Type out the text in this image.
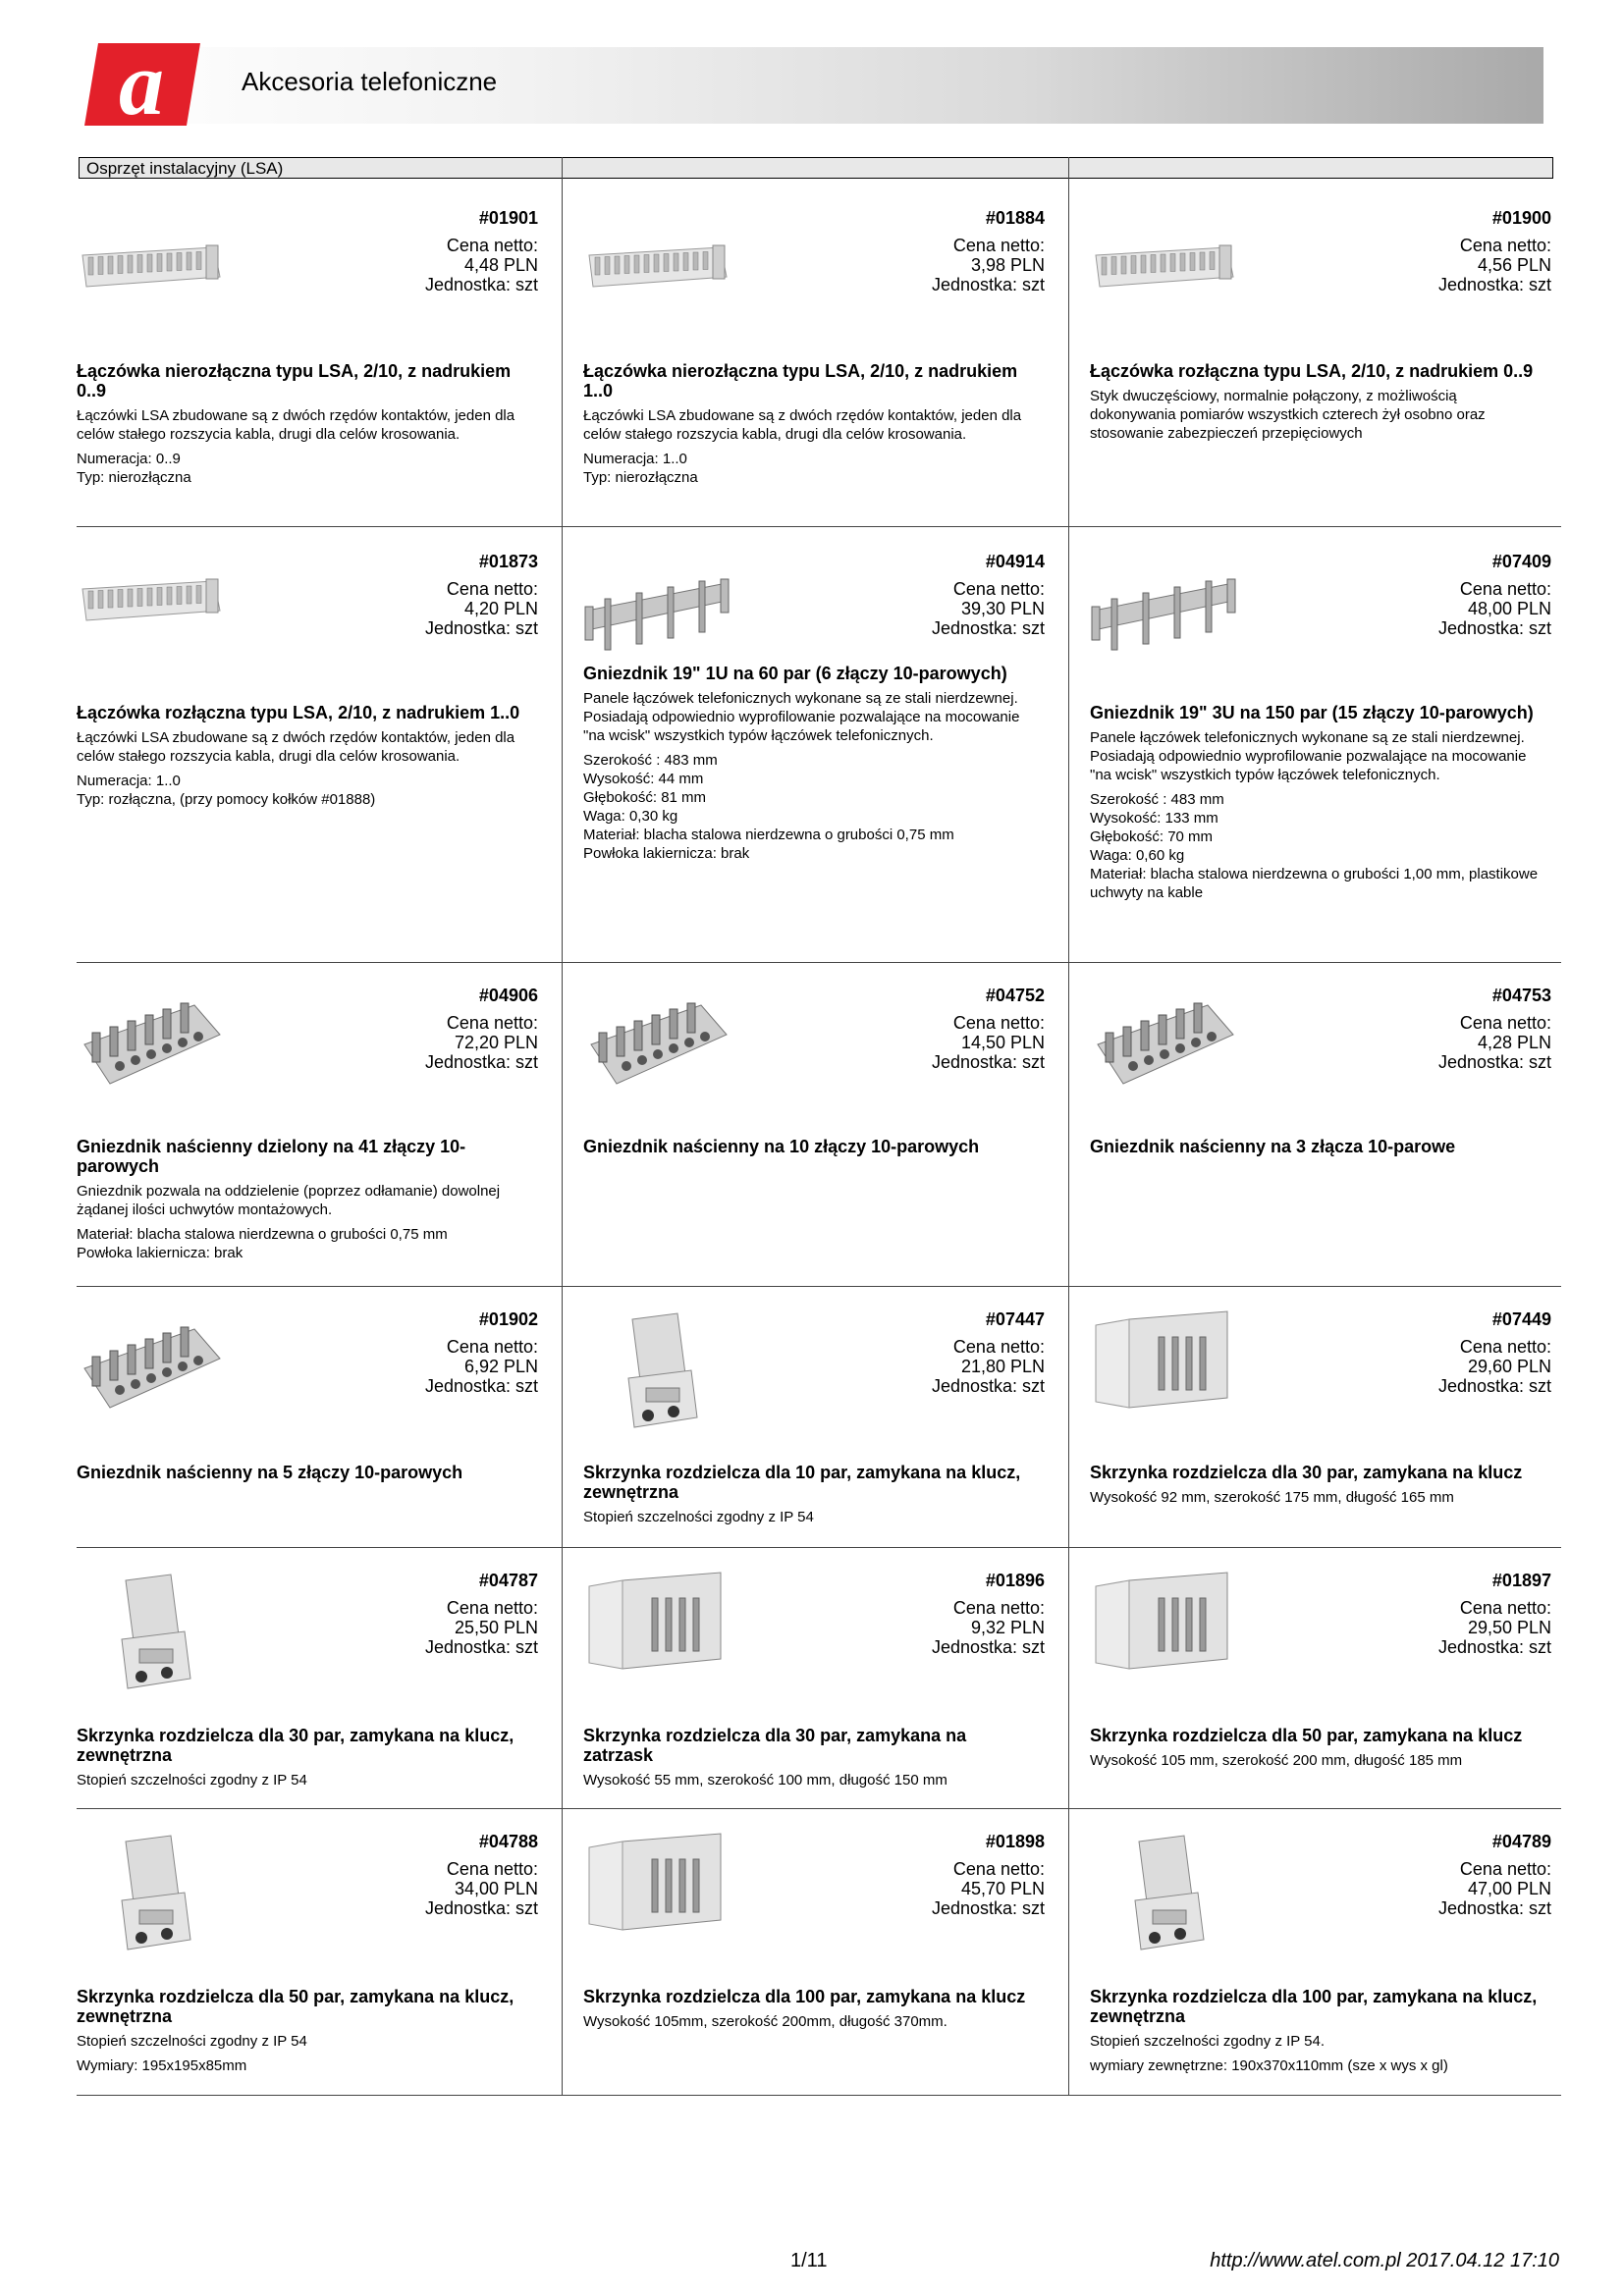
a	Akcesoria telefoniczne
Osprzęt instalacyjny (LSA)
#01901
Cena netto:
4,48 PLN
Jednostka: szt
Łączówka nierozłączna typu LSA, 2/10, z nadrukiem 0..9

Łączówki LSA zbudowane są z dwóch rzędów kontaktów, jeden dla celów stałego rozszycia kabla, drugi dla celów krosowania.

Numeracja: 0..9
Typ: nierozłączna

#01884
Cena netto:
3,98 PLN
Jednostka: szt
Łączówka nierozłączna typu LSA, 2/10, z nadrukiem 1..0

Łączówki LSA zbudowane są z dwóch rzędów kontaktów, jeden dla celów stałego rozszycia kabla, drugi dla celów krosowania.

Numeracja: 1..0
Typ: nierozłączna

#01900
Cena netto:
4,56 PLN
Jednostka: szt
Łączówka rozłączna typu LSA, 2/10, z nadrukiem 0..9

Styk dwuczęściowy, normalnie połączony, z możliwością dokonywania pomiarów wszystkich czterech żył osobno oraz stosowanie zabezpieczeń przepięciowych

#01873
Cena netto:
4,20 PLN
Jednostka: szt
Łączówka rozłączna typu LSA, 2/10, z nadrukiem 1..0

Łączówki LSA zbudowane są z dwóch rzędów kontaktów, jeden dla celów stałego rozszycia kabla, drugi dla celów krosowania.

Numeracja: 1..0
Typ: rozłączna, (przy pomocy kołków #01888)

#04914
Cena netto:
39,30 PLN
Jednostka: szt
Gniezdnik 19" 1U na 60 par (6 złączy 10-parowych)

Panele łączówek telefonicznych wykonane są ze stali nierdzewnej. Posiadają odpowiednio wyprofilowanie pozwalające na mocowanie "na wcisk" wszystkich typów łączówek telefonicznych.

Szerokość : 483 mm
Wysokość: 44 mm
Głębokość: 81 mm
Waga: 0,30 kg
Materiał: blacha stalowa nierdzewna o grubości 0,75 mm
Powłoka lakiernicza: brak

#07409
Cena netto:
48,00 PLN
Jednostka: szt
Gniezdnik 19" 3U na 150 par (15 złączy 10-parowych)

Panele łączówek telefonicznych wykonane są ze stali nierdzewnej. Posiadają odpowiednio wyprofilowanie pozwalające na mocowanie "na wcisk" wszystkich typów łączówek telefonicznych.

Szerokość : 483 mm
Wysokość: 133 mm
Głębokość: 70 mm
Waga: 0,60 kg
Materiał: blacha stalowa nierdzewna o grubości 1,00 mm, plastikowe uchwyty na kable

#04906
Cena netto:
72,20 PLN
Jednostka: szt
Gniezdnik naścienny dzielony na 41 złączy 10-parowych

Gniezdnik pozwala na oddzielenie (poprzez odłamanie) dowolnej żądanej ilości uchwytów montażowych.

Materiał: blacha stalowa nierdzewna o grubości 0,75 mm
Powłoka lakiernicza: brak

#04752
Cena netto:
14,50 PLN
Jednostka: szt
Gniezdnik naścienny na 10 złączy 10-parowych
#04753
Cena netto:
4,28 PLN
Jednostka: szt
Gniezdnik naścienny na 3 złącza 10-parowe
#01902
Cena netto:
6,92 PLN
Jednostka: szt
Gniezdnik naścienny na 5 złączy 10-parowych
#07447
Cena netto:
21,80 PLN
Jednostka: szt
Skrzynka rozdzielcza dla 10 par, zamykana na klucz, zewnętrzna

Stopień szczelności zgodny z IP 54

#07449
Cena netto:
29,60 PLN
Jednostka: szt
Skrzynka rozdzielcza dla 30 par, zamykana na klucz

Wysokość 92 mm, szerokość 175 mm, długość 165 mm

#04787
Cena netto:
25,50 PLN
Jednostka: szt
Skrzynka rozdzielcza dla 30 par, zamykana na klucz, zewnętrzna

Stopień szczelności zgodny z IP 54

#01896
Cena netto:
9,32 PLN
Jednostka: szt
Skrzynka rozdzielcza dla 30 par, zamykana na zatrzask

Wysokość 55 mm, szerokość 100 mm, długość 150 mm

#01897
Cena netto:
29,50 PLN
Jednostka: szt
Skrzynka rozdzielcza dla 50 par, zamykana na klucz

Wysokość 105 mm, szerokość 200 mm, długość 185 mm

#04788
Cena netto:
34,00 PLN
Jednostka: szt
Skrzynka rozdzielcza dla 50 par, zamykana na klucz, zewnętrzna

Stopień szczelności zgodny z IP 54

Wymiary: 195x195x85mm

#01898
Cena netto:
45,70 PLN
Jednostka: szt
Skrzynka rozdzielcza dla 100 par, zamykana na klucz

Wysokość 105mm, szerokość 200mm, długość 370mm.

#04789
Cena netto:
47,00 PLN
Jednostka: szt
Skrzynka rozdzielcza dla 100 par, zamykana na klucz, zewnętrzna

Stopień szczelności zgodny z IP 54.

wymiary zewnętrzne: 190x370x110mm (sze x wys x gl)

1/11	http://www.atel.com.pl 2017.04.12 17:10
